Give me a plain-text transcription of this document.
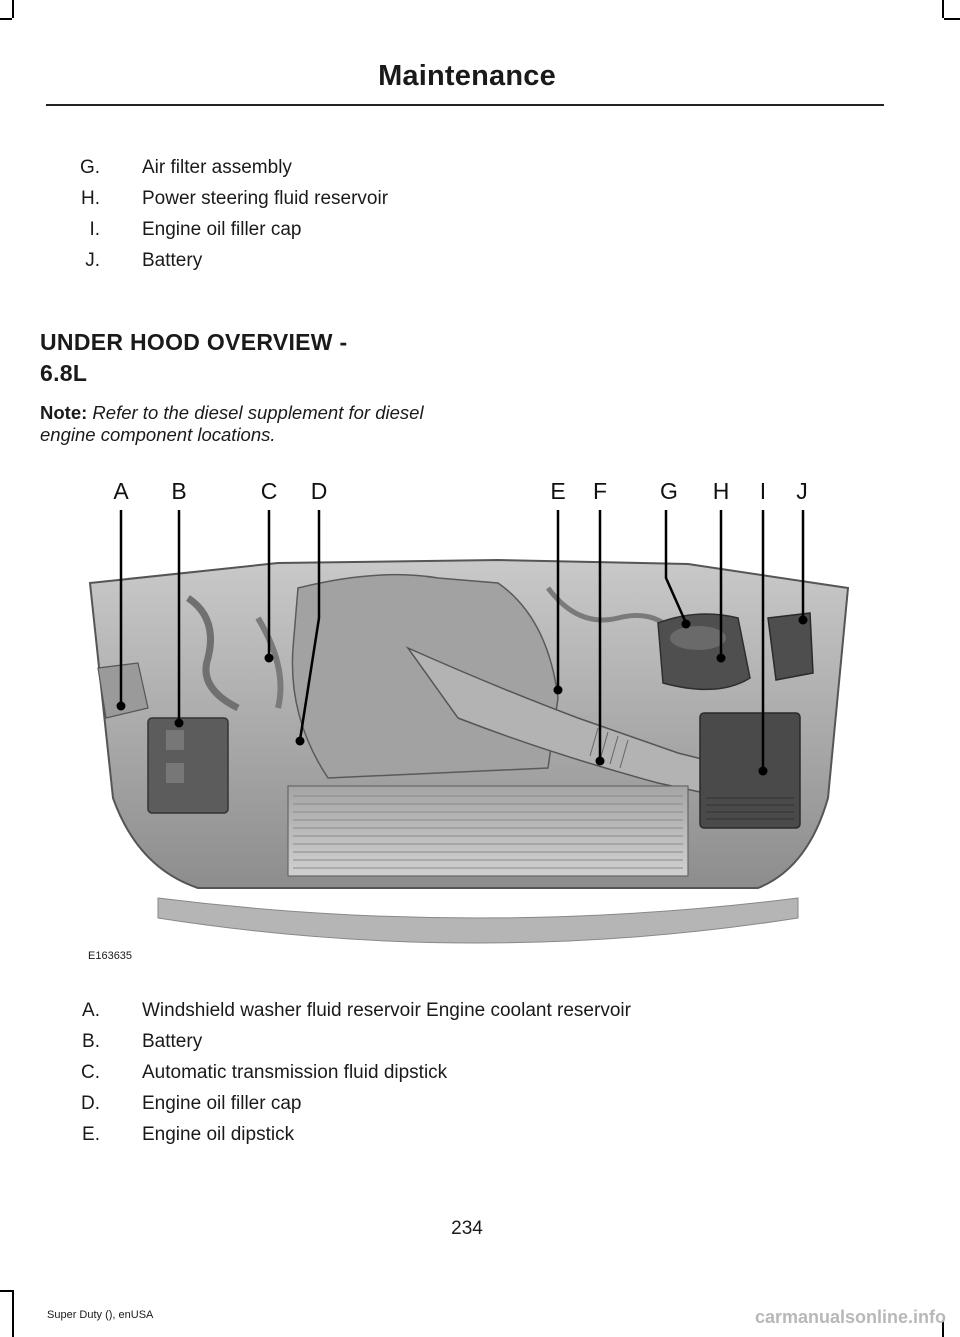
Maintenance
G. Air filter assembly
H. Power steering fluid reservoir
I. Engine oil filler cap
J. Battery
UNDER HOOD OVERVIEW -
6.8L
Note: Refer to the diesel supplement for diesel engine component locations.
A B	C D	E F G H I J
E163635
A. Windshield washer fluid reservoir Engine coolant reservoir
B. Battery
C. Automatic transmission fluid dipstick
D. Engine oil filler cap
E. Engine oil dipstick
234
Super Duty (), enUSA	carmanualsonline.info
